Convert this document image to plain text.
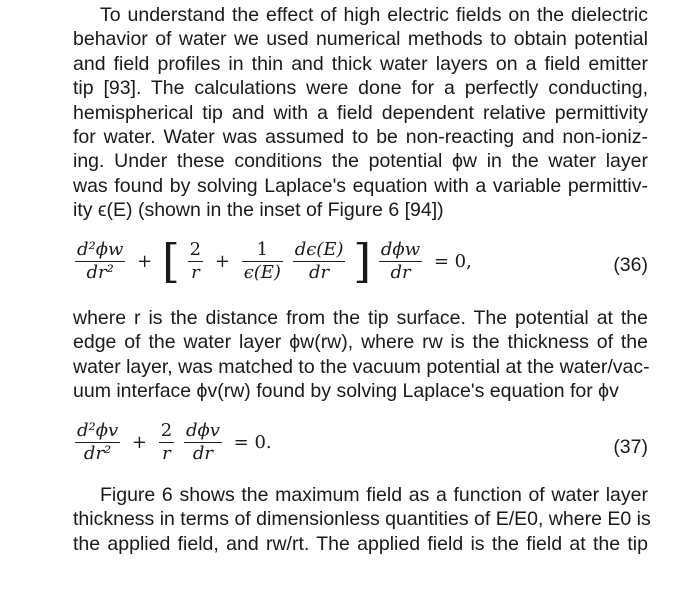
To understand the effect of high electric fields on the dielectric
behavior of water we used numerical methods to obtain potential
and field profiles in thin and thick water layers on a field emitter
tip [93]. The calculations were done for a perfectly conducting,
hemispherical tip and with a field dependent relative permittivity
for water. Water was assumed to be non-reacting and non-ioniz-
ing. Under these conditions the potential ϕw in the water layer
was found by solving Laplace's equation with a variable permittiv-
ity ϵ(E) (shown in the inset of Figure 6 [94])
$\frac{\text{d²ϕw}}{\text{dr²}}$ + [ $\frac{2}{r} + \frac{1}{\epsilon(E)}$
$\frac{d\epsilon(E)}{dr}$ ] $\frac{\text{dϕw}}{dr} = 0$,	(36)
where r is the distance from the tip surface. The potential at the
edge of the water layer ϕw(rw), where rw is the thickness of the
water layer, was matched to the vacuum potential at the water/vac-
uum interface ϕv(rw) found by solving Laplace's equation for ϕv
$\frac{\text{d²ϕv}}{\text{dr²}} + \frac{2}{r}$
$\frac{\text{dϕv}}{dr} = 0$.	(37)
Figure 6 shows the maximum field as a function of water layer
thickness in terms of dimensionless quantities of E/E0, where E0 is
the applied field, and rw/rt. The applied field is the field at the tip
